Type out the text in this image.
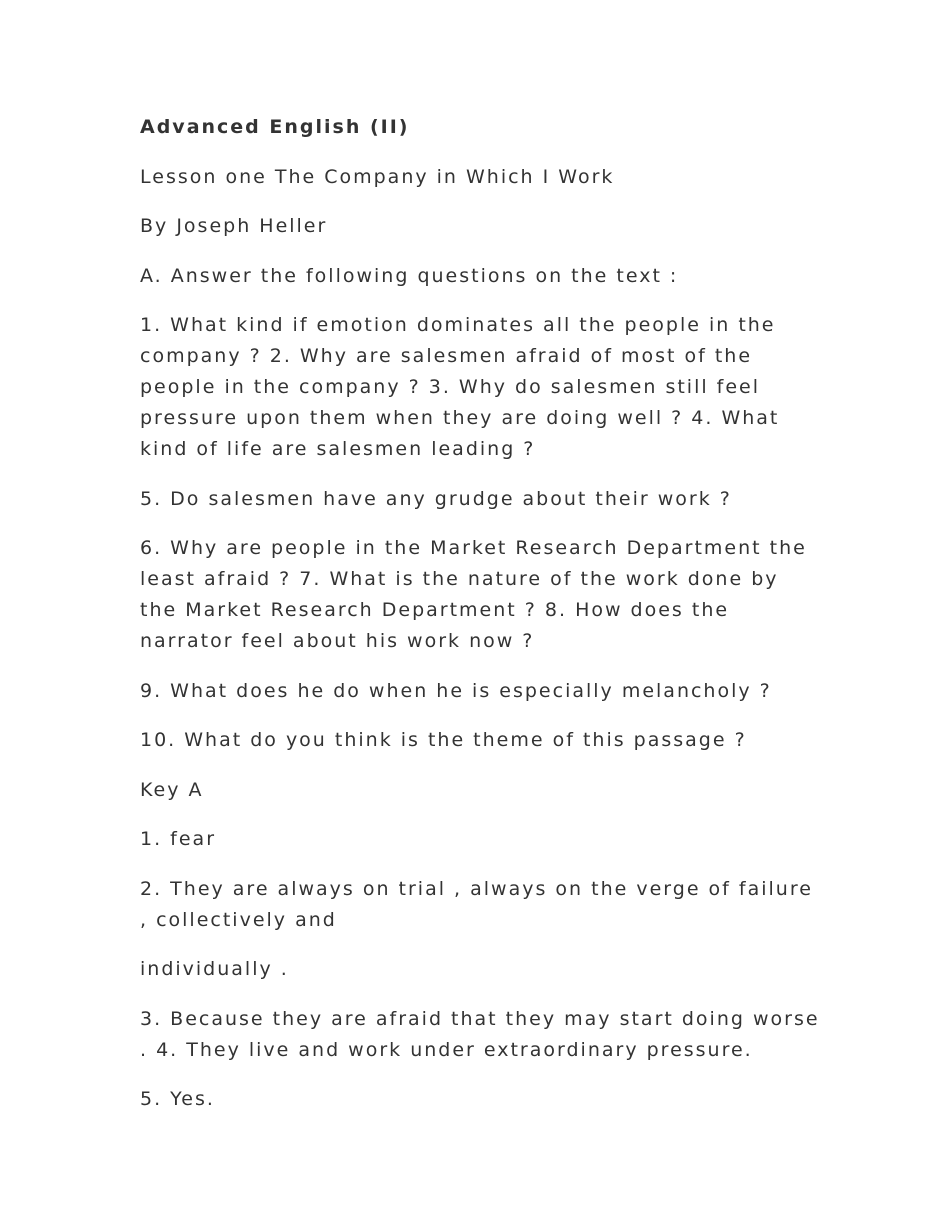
Advanced English (II)

Lesson one The Company in Which I Work

By Joseph Heller

A. Answer the following questions on the text :

1. What kind if emotion dominates all the people in the company ? 2. Why are salesmen afraid of most of the people in the company ? 3. Why do salesmen still feel pressure upon them when they are doing well ? 4. What kind of life are salesmen leading ?

5. Do salesmen have any grudge about their work ?

6. Why are people in the Market Research Department the least afraid ? 7. What is the nature of the work done by the Market Research Department ? 8. How does the narrator feel about his work now ?

9. What does he do when he is especially melancholy ?

10. What do you think is the theme of this passage ?

Key A

1. fear

2. They are always on trial , always on the verge of failure , collectively and

individually .

3. Because they are afraid that they may start doing worse . 4. They live and work under extraordinary pressure.

5. Yes.
